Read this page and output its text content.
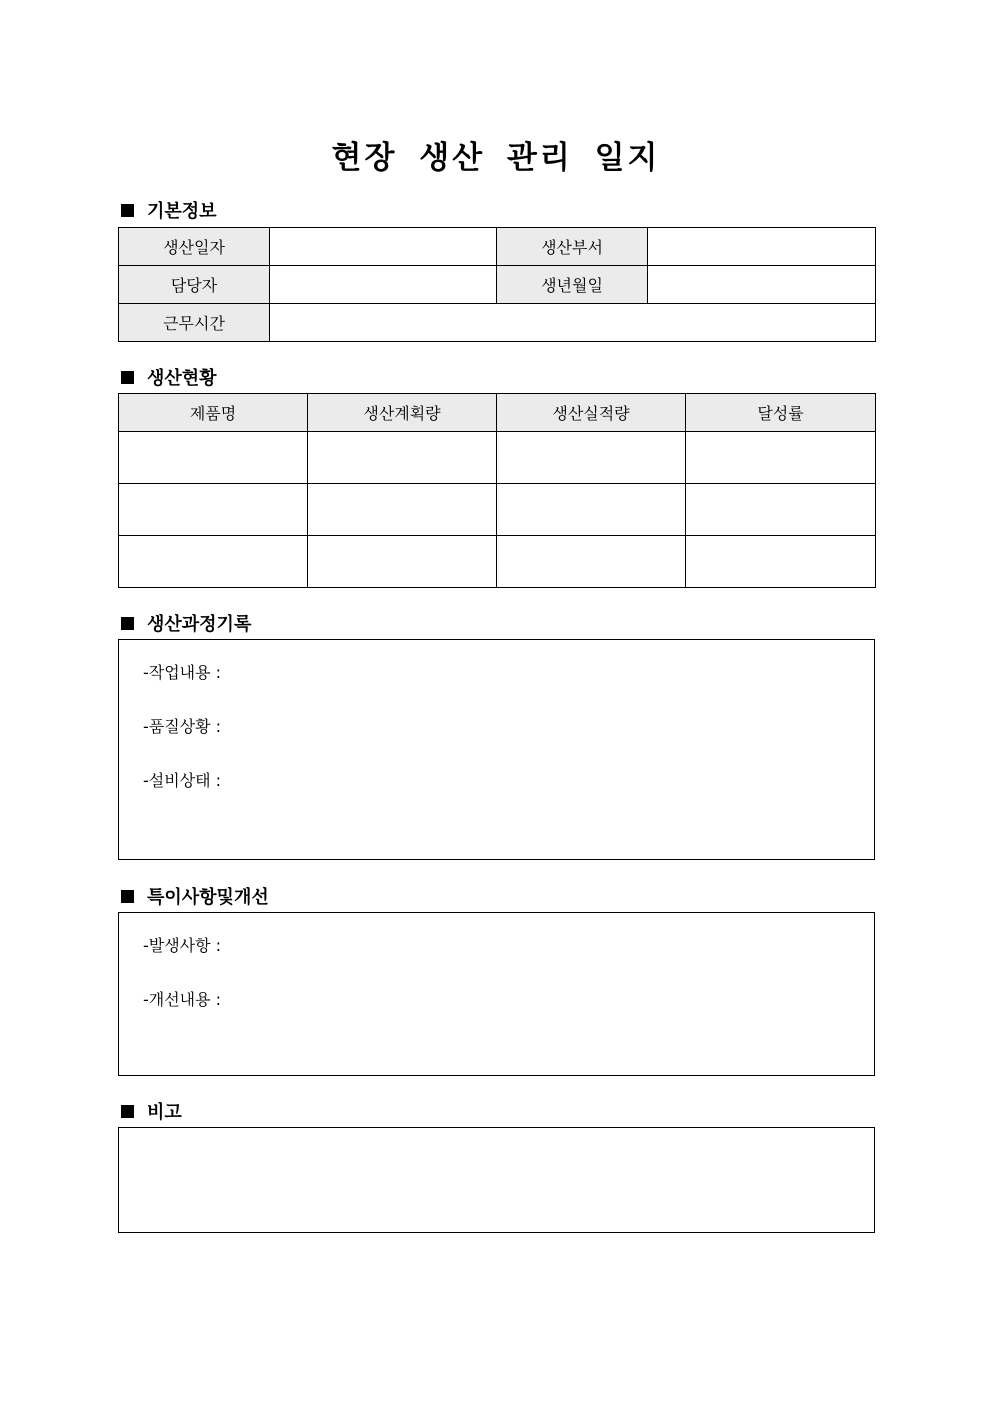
현장 생산 관리 일지
기본정보
생산일자		생산부서	
담당자		생년월일	
근무시간			
생산현황
제품명	생산계획량	생산실적량	달성률

생산과정기록
-작업내용 :
-품질상황 :
-설비상태 :
특이사항및개선
-발생사항 :
-개선내용 :
비고
